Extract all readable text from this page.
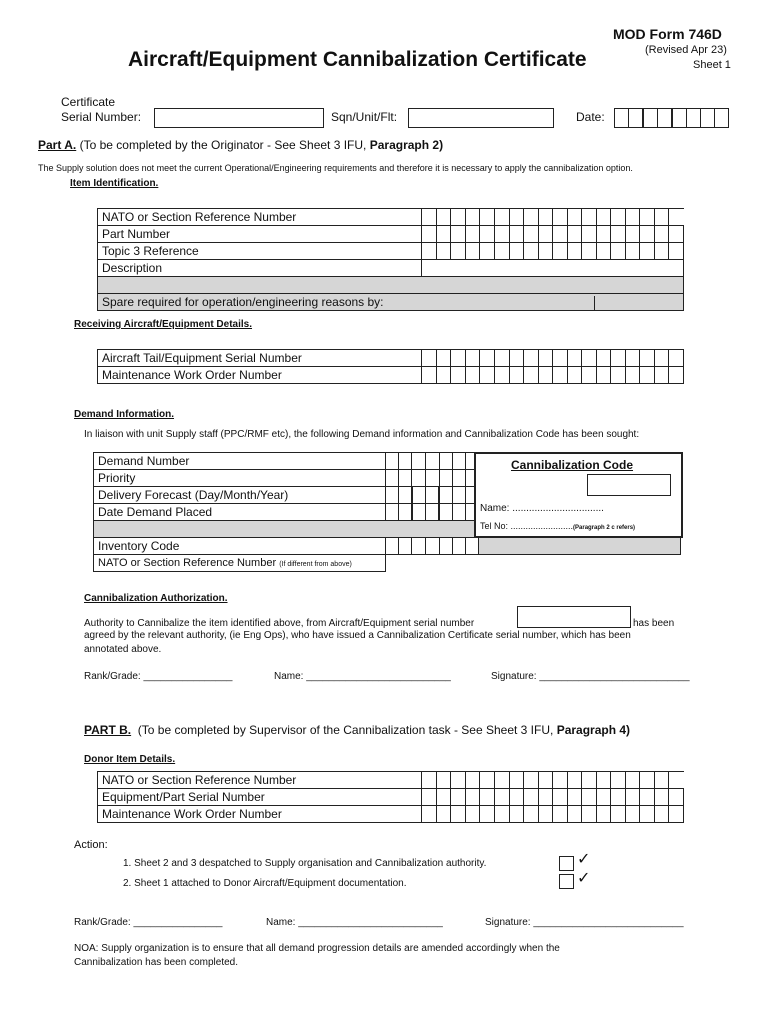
MOD Form 746D
(Revised Apr 23)
Sheet 1
Aircraft/Equipment Cannibalization Certificate
Certificate
Serial Number:	Sqn/Unit/Flt:	Date:

Part A. (To be completed by the Originator - See Sheet 3 IFU, Paragraph 2)
The Supply solution does not meet the current Operational/Engineering requirements and therefore it is necessary to apply the cannibalization option.
Item Identification.
NATO or Section Reference Number																		
Part Number																		
Topic 3 Reference																		
Description																		

Spare required for operation/engineering reasons by:																		
Receiving Aircraft/Equipment Details.
Aircraft Tail/Equipment Serial Number																		
Maintenance Work Order Number																		
Demand Information.
In liaison with unit Supply staff (PPC/RMF etc), the following Demand information and Cannibalization Code has been sought:
Demand Number								
Priority								
Delivery Forecast (Day/Month/Year)								
Date Demand Placed								

Inventory Code								
NATO or Section Reference Number (If different from above)								
Cannibalization Code
Name: .................................
Tel No: .........................(Paragraph 2 c refers)
Cannibalization Authorization.
Authority to Cannibalize the item identified above, from Aircraft/Equipment serial number	has been
agreed by the relevant authority, (ie Eng Ops), who have issued a Cannibalization Certificate serial number, which has been
annotated above.
Rank/Grade: ________________	Name: __________________________	Signature: ___________________________
PART B. (To be completed by Supervisor of the Cannibalization task - See Sheet 3 IFU, Paragraph 4)
Donor Item Details.
NATO or Section Reference Number																		
Equipment/Part Serial Number																		
Maintenance Work Order Number																		
Action:
1. Sheet 2 and 3 despatched to Supply organisation and Cannibalization authority.	✓
2. Sheet 1 attached to Donor Aircraft/Equipment documentation.	✓
Rank/Grade: ________________	Name: __________________________	Signature: ___________________________
NOA: Supply organization is to ensure that all demand progression details are amended accordingly when the
Cannibalization has been completed.
